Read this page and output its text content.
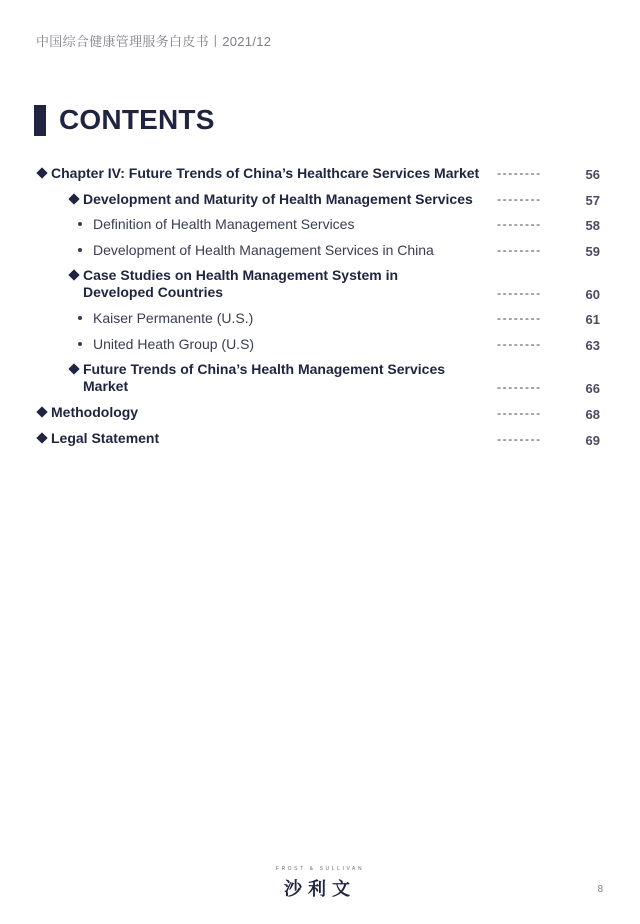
中国综合健康管理服务白皮书丨2021/12
CONTENTS
Chapter IV: Future Trends of China’s Healthcare Services Market --------	56
Development and Maturity of Health Management Services --------	57
Definition of Health Management Services	--------	58
Development of Health Management Services in China	--------	59
Case Studies on Health Management System in Developed Countries	--------	60
Kaiser Permanente (U.S.)	--------	61
United Heath Group (U.S)	--------	63
Future Trends of China’s Health Management Services Market	--------	66
Methodology	--------	68
Legal Statement	--------	69
FROST & SULLIVAN
沙利文	8
